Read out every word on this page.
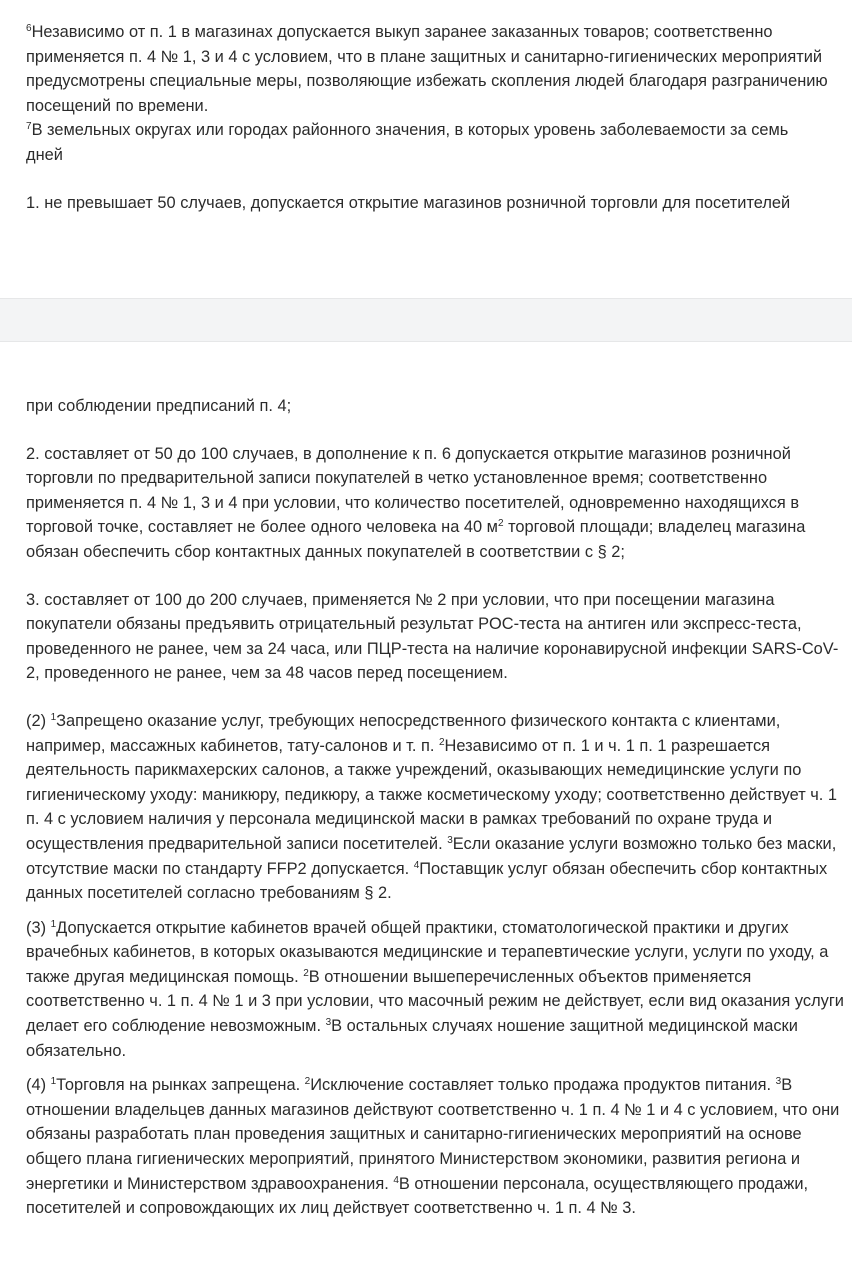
$^6$Независимо от п. 1 в магазинах допускается выкуп заранее заказанных товаров; соответственно применяется п. 4 № 1, 3 и 4 с условием, что в плане защитных и санитарно-гигиенических мероприятий предусмотрены специальные меры, позволяющие избежать скопления людей благодаря разграничению посещений по времени.

$^7$В земельных округах или городах районного значения, в которых уровень заболеваемости за семь дней

1. не превышает 50 случаев, допускается открытие магазинов розничной торговли для посетителей

при соблюдении предписаний п. 4;

2. составляет от 50 до 100 случаев, в дополнение к п. 6 допускается открытие магазинов розничной торговли по предварительной записи покупателей в четко установленное время; соответственно применяется п. 4 № 1, 3 и 4 при условии, что количество посетителей, одновременно находящихся в торговой точке, составляет не более одного человека на 40 $м^2$ торговой площади; владелец магазина обязан обеспечить сбор контактных данных покупателей в соответствии с § 2;

3. составляет от 100 до 200 случаев, применяется № 2 при условии, что при посещении магазина покупатели обязаны предъявить отрицательный результат POC-теста на антиген или экспресс-теста, проведенного не ранее, чем за 24 часа, или ПЦР-теста на наличие коронавирусной инфекции SARS-CoV-2, проведенного не ранее, чем за 48 часов перед посещением.

(2) $^1$Запрещено оказание услуг, требующих непосредственного физического контакта с клиентами, например, массажных кабинетов, тату-салонов и т. п. $^2$Независимо от п. 1 и ч. 1 п. 1 разрешается деятельность парикмахерских салонов, а также учреждений, оказывающих немедицинские услуги по гигиеническому уходу: маникюру, педикюру, а также косметическому уходу; соответственно действует ч. 1 п. 4 с условием наличия у персонала медицинской маски в рамках требований по охране труда и осуществления предварительной записи посетителей. $^3$Если оказание услуги возможно только без маски, отсутствие маски по стандарту FFP2 допускается. $^4$Поставщик услуг обязан обеспечить сбор контактных данных посетителей согласно требованиям § 2.

(3) $^1$Допускается открытие кабинетов врачей общей практики, стоматологической практики и других врачебных кабинетов, в которых оказываются медицинские и терапевтические услуги, услуги по уходу, а также другая медицинская помощь. $^2$В отношении вышеперечисленных объектов применяется соответственно ч. 1 п. 4 № 1 и 3 при условии, что масочный режим не действует, если вид оказания услуги делает его соблюдение невозможным. $^3$В остальных случаях ношение защитной медицинской маски обязательно.

(4) $^1$Торговля на рынках запрещена. $^2$Исключение составляет только продажа продуктов питания. $^3$В отношении владельцев данных магазинов действуют соответственно ч. 1 п. 4 № 1 и 4 с условием, что они обязаны разработать план проведения защитных и санитарно-гигиенических мероприятий на основе общего плана гигиенических мероприятий, принятого Министерством экономики, развития региона и энергетики и Министерством здравоохранения. $^4$В отношении персонала, осуществляющего продажи, посетителей и сопровождающих их лиц действует соответственно ч. 1 п. 4 № 3.
